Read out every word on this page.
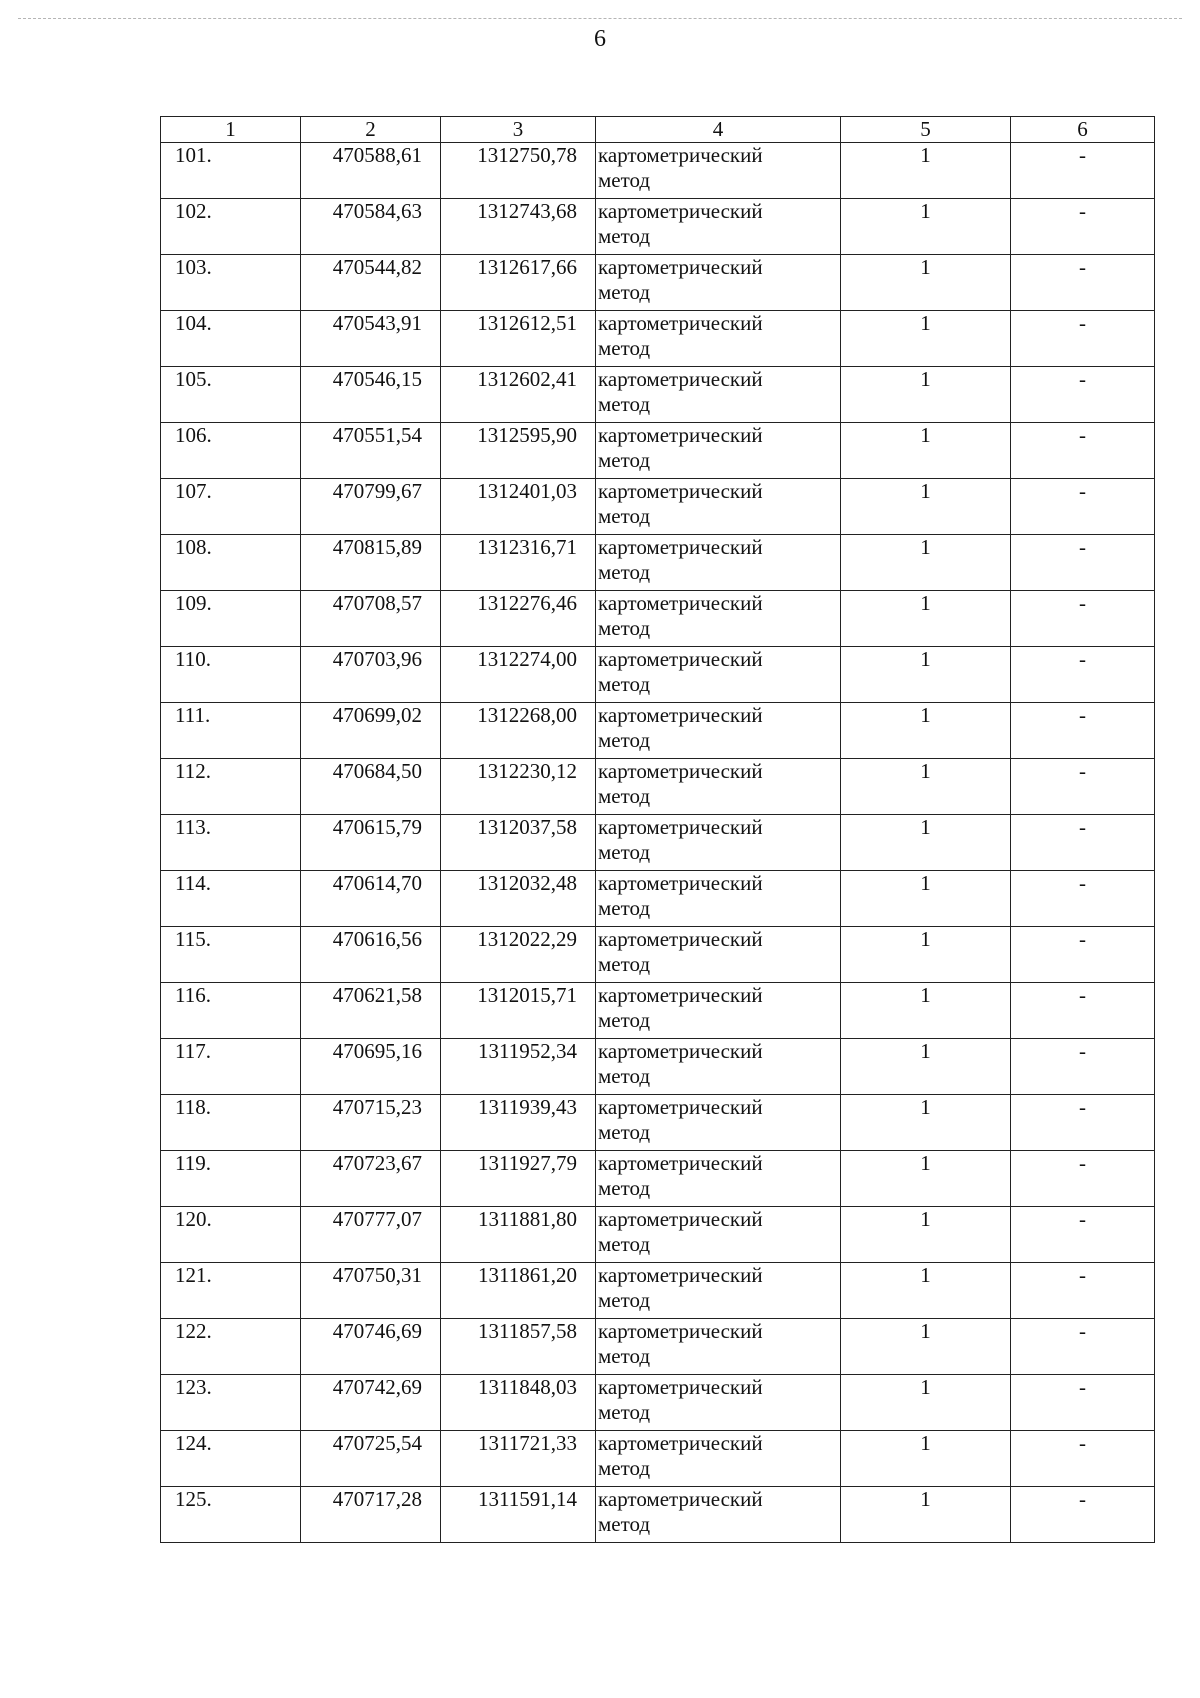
6
1	2	3	4	5	6

101.	470588,61	1312750,78	картометрический
метод	1	-

102.	470584,63	1312743,68	картометрический
метод	1	-

103.	470544,82	1312617,66	картометрический
метод	1	-

104.	470543,91	1312612,51	картометрический
метод	1	-

105.	470546,15	1312602,41	картометрический
метод	1	-

106.	470551,54	1312595,90	картометрический
метод	1	-

107.	470799,67	1312401,03	картометрический
метод	1	-

108.	470815,89	1312316,71	картометрический
метод	1	-

109.	470708,57	1312276,46	картометрический
метод	1	-

110.	470703,96	1312274,00	картометрический
метод	1	-

111.	470699,02	1312268,00	картометрический
метод	1	-

112.	470684,50	1312230,12	картометрический
метод	1	-

113.	470615,79	1312037,58	картометрический
метод	1	-

114.	470614,70	1312032,48	картометрический
метод	1	-

115.	470616,56	1312022,29	картометрический
метод	1	-

116.	470621,58	1312015,71	картометрический
метод	1	-

117.	470695,16	1311952,34	картометрический
метод	1	-

118.	470715,23	1311939,43	картометрический
метод	1	-

119.	470723,67	1311927,79	картометрический
метод	1	-

120.	470777,07	1311881,80	картометрический
метод	1	-

121.	470750,31	1311861,20	картометрический
метод	1	-

122.	470746,69	1311857,58	картометрический
метод	1	-

123.	470742,69	1311848,03	картометрический
метод	1	-

124.	470725,54	1311721,33	картометрический
метод	1	-

125.	470717,28	1311591,14	картометрический
метод	1	-
